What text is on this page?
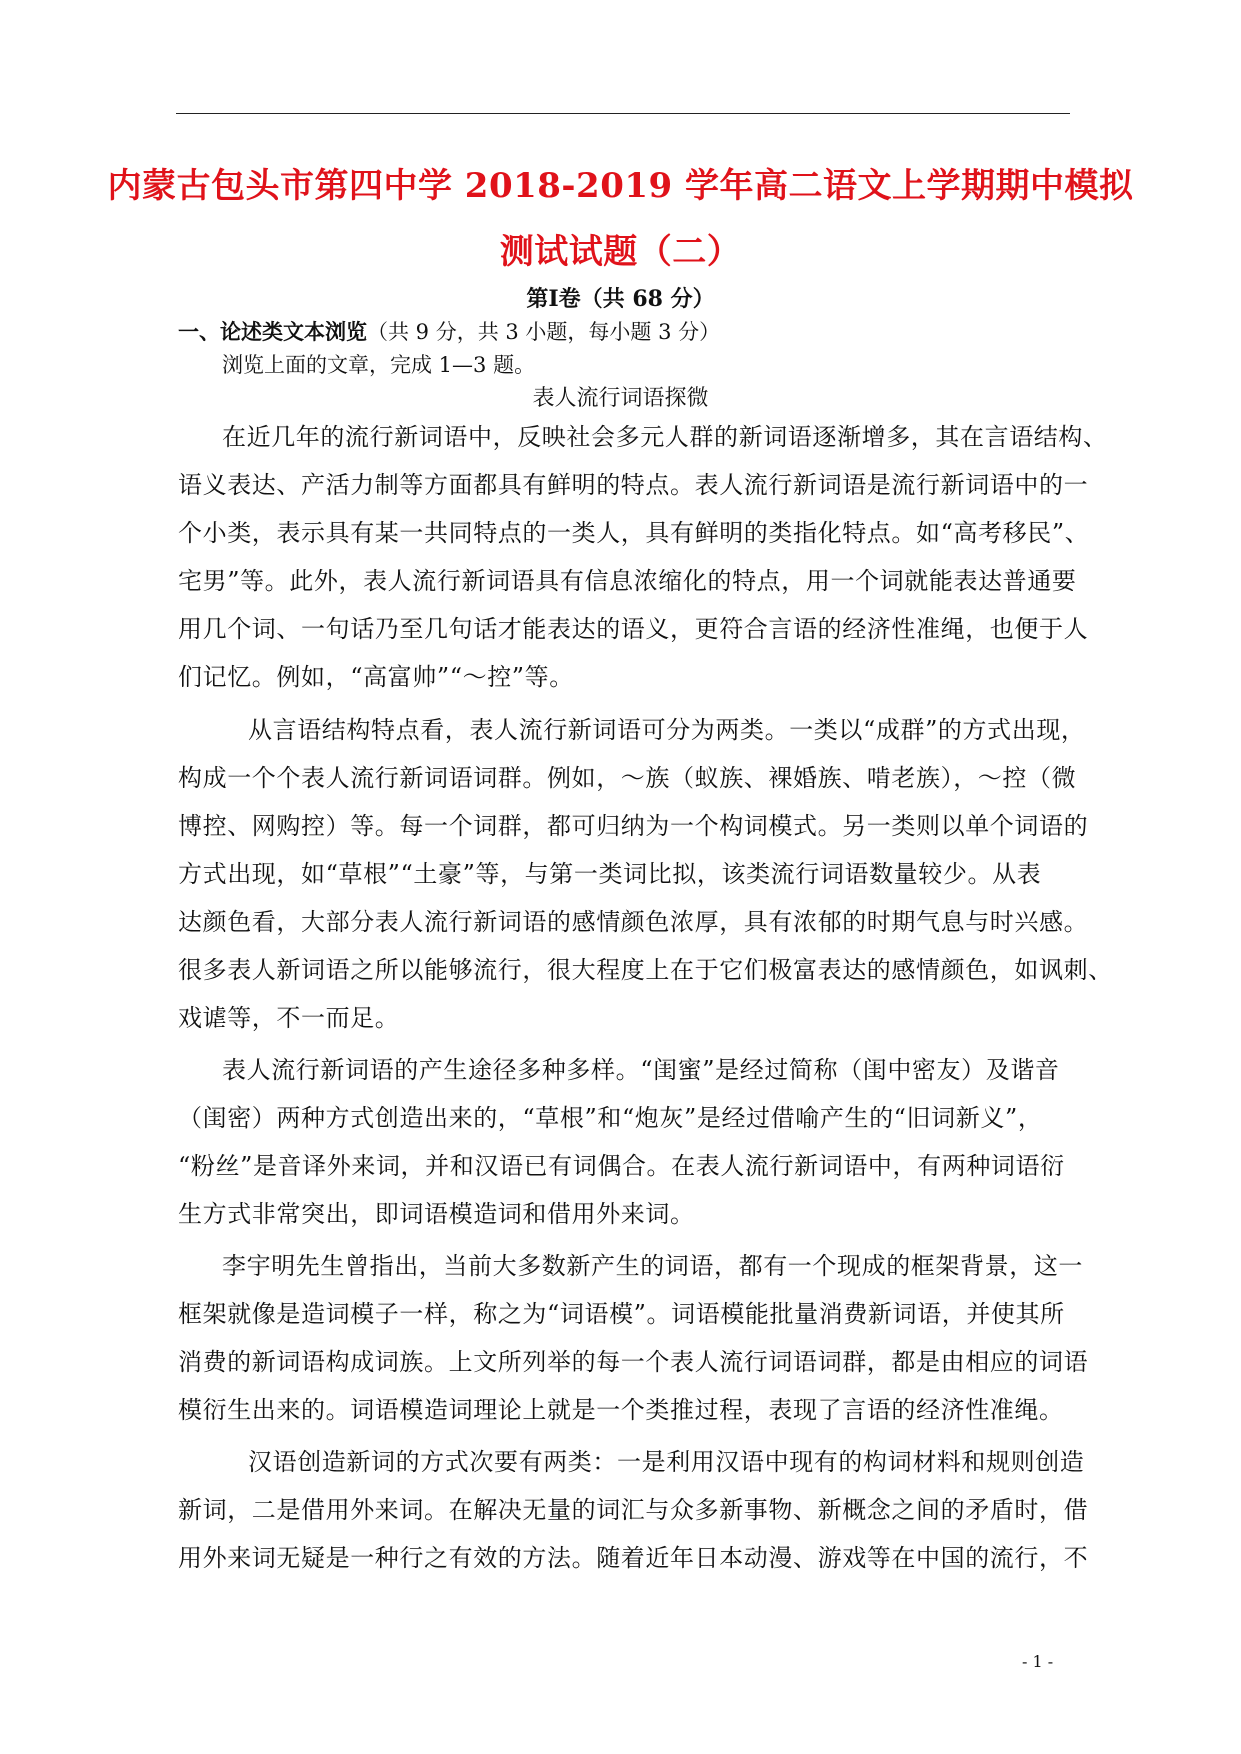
内蒙古包头市第四中学 2018-2019 学年高二语文上学期期中模拟
测试试题（二）
第Ⅰ卷（共 68 分）
一、论述类文本浏览（共 9 分，共 3 小题，每小题 3 分）
浏览上面的文章，完成 1—3 题。
表人流行词语探微
在近几年的流行新词语中，反映社会多元人群的新词语逐渐增多，其在言语结构、
语义表达、产活力制等方面都具有鲜明的特点。表人流行新词语是流行新词语中的一
个小类，表示具有某一共同特点的一类人，具有鲜明的类指化特点。如“高考移民”、
宅男”等。此外，表人流行新词语具有信息浓缩化的特点，用一个词就能表达普通要
用几个词、一句话乃至几句话才能表达的语义，更符合言语的经济性准绳，也便于人
们记忆。例如，“高富帅”“～控”等。
从言语结构特点看，表人流行新词语可分为两类。一类以“成群”的方式出现，
构成一个个表人流行新词语词群。例如，～族（蚁族、裸婚族、啃老族），～控（微
博控、网购控）等。每一个词群，都可归纳为一个构词模式。另一类则以单个词语的
方式出现，如“草根”“土豪”等，与第一类词比拟，该类流行词语数量较少。从表
达颜色看，大部分表人流行新词语的感情颜色浓厚，具有浓郁的时期气息与时兴感。
很多表人新词语之所以能够流行，很大程度上在于它们极富表达的感情颜色，如讽刺、
戏谑等，不一而足。
表人流行新词语的产生途径多种多样。“闺蜜”是经过简称（闺中密友）及谐音
（闺密）两种方式创造出来的，“草根”和“炮灰”是经过借喻产生的“旧词新义”，
“粉丝”是音译外来词，并和汉语已有词偶合。在表人流行新词语中，有两种词语衍
生方式非常突出，即词语模造词和借用外来词。
李宇明先生曾指出，当前大多数新产生的词语，都有一个现成的框架背景，这一
框架就像是造词模子一样，称之为“词语模”。词语模能批量消费新词语，并使其所
消费的新词语构成词族。上文所列举的每一个表人流行词语词群，都是由相应的词语
模衍生出来的。词语模造词理论上就是一个类推过程，表现了言语的经济性准绳。
汉语创造新词的方式次要有两类：一是利用汉语中现有的构词材料和规则创造
新词，二是借用外来词。在解决无量的词汇与众多新事物、新概念之间的矛盾时，借
用外来词无疑是一种行之有效的方法。随着近年日本动漫、游戏等在中国的流行，不
- 1 -
